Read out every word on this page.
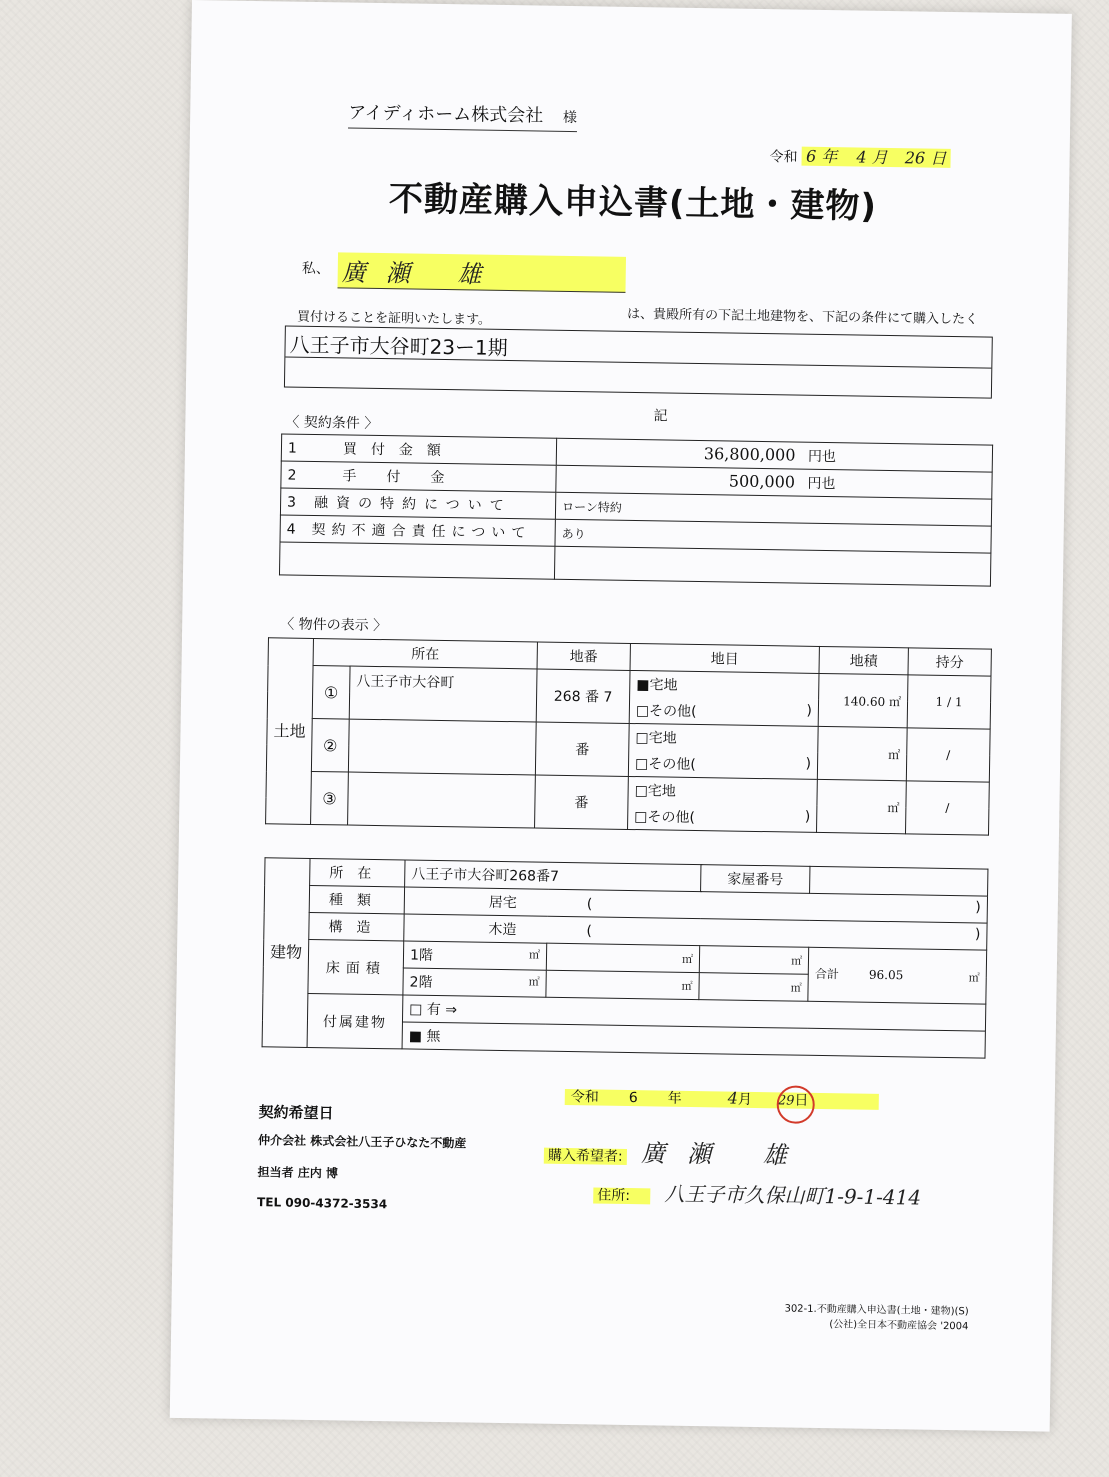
アイディホーム株式会社 様
令和 6 年 4 月 26 日
不動産購入申込書(土地・建物)
私、 廣瀬 雄
は、貴殿所有の下記土地建物を、下記の条件にて購入したく
買付けることを証明いたします。
八王子市大谷町23ー1期
記
〈 契約条件 〉
1 買付金額	36,800,000 円也
2 手付金	500,000 円也
3 融資の特約について	ローン特約
4 契約不適合責任について	あり

〈 物件の表示 〉
土地	所在		地番	地目	地積	持分
	①	八王子市大谷町	268 番 7	■宅地	140.60 ㎡	1 / 1
				□その他( )		

	②		番	□宅地	㎡	/
				□その他( )		

	③		番	□宅地	㎡	/
				□その他( )		
建物	所在	八王子市大谷町268番7		家屋番号	
	種類	居宅 ( )			

	構造	木造 ( )			

	床面積	1階 ㎡	㎡	㎡	合計 96.05 ㎡

		2階 ㎡	㎡	㎡	
	付属建物	□ 有 ⇒			
		■ 無			
令和 6 年	4月 29日
契約希望日
仲介会社 株式会社八王子ひなた不動産
担当者 庄内 博
TEL 090-4372-3534
購入希望者: 廣瀬 雄
住所: 八王子市久保山町1-9-1-414
302-1.不動産購入申込書(土地・建物)(S)
(公社)全日本不動産協会 '2004
